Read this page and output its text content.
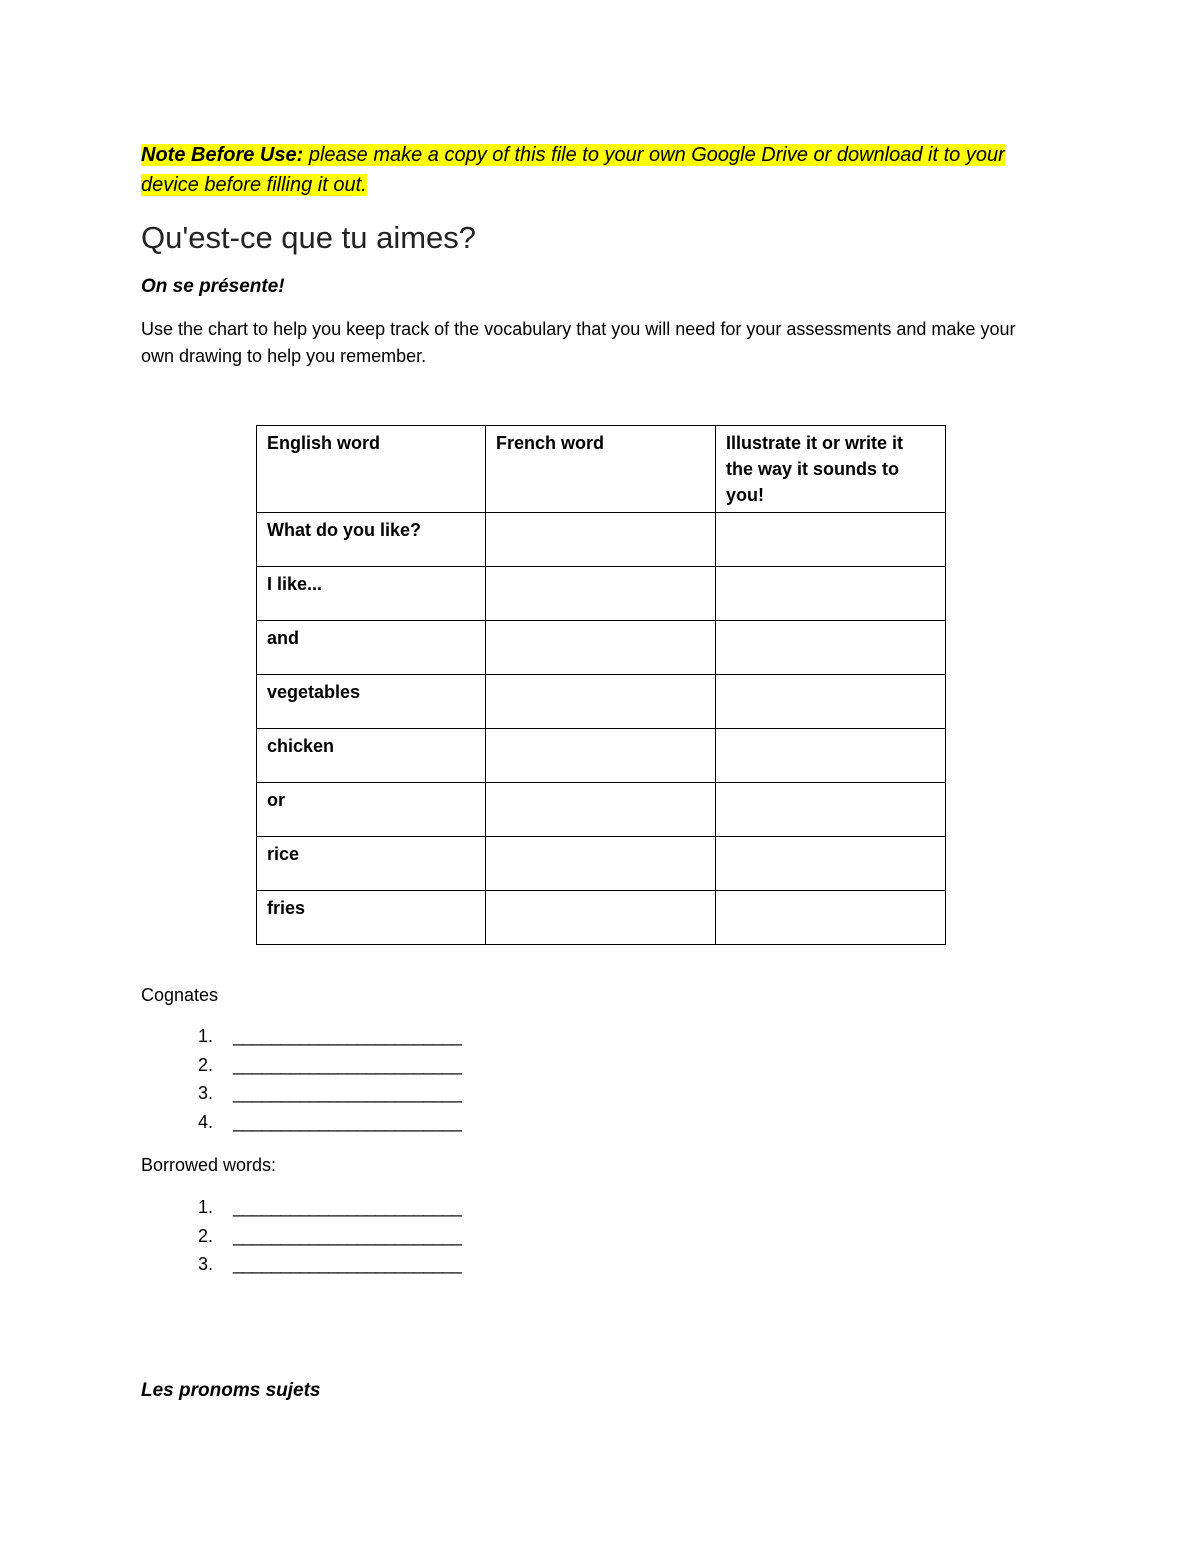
Note Before Use: please make a copy of this file to your own Google Drive or download it to your device before filling it out.

Qu'est-ce que tu aimes?

On se présente!

Use the chart to help you keep track of the vocabulary that you will need for your assessments and make your own drawing to help you remember.

English word	French word	Illustrate it or write it the way it sounds to you!
What do you like?		
I like...		
and		
vegetables		
chicken		
or		
rice		
fries		

Cognates

1. ________________________
2. ________________________
3. ________________________
4. ________________________

Borrowed words:

1. ________________________
2. ________________________
3. ________________________

Les pronoms sujets
